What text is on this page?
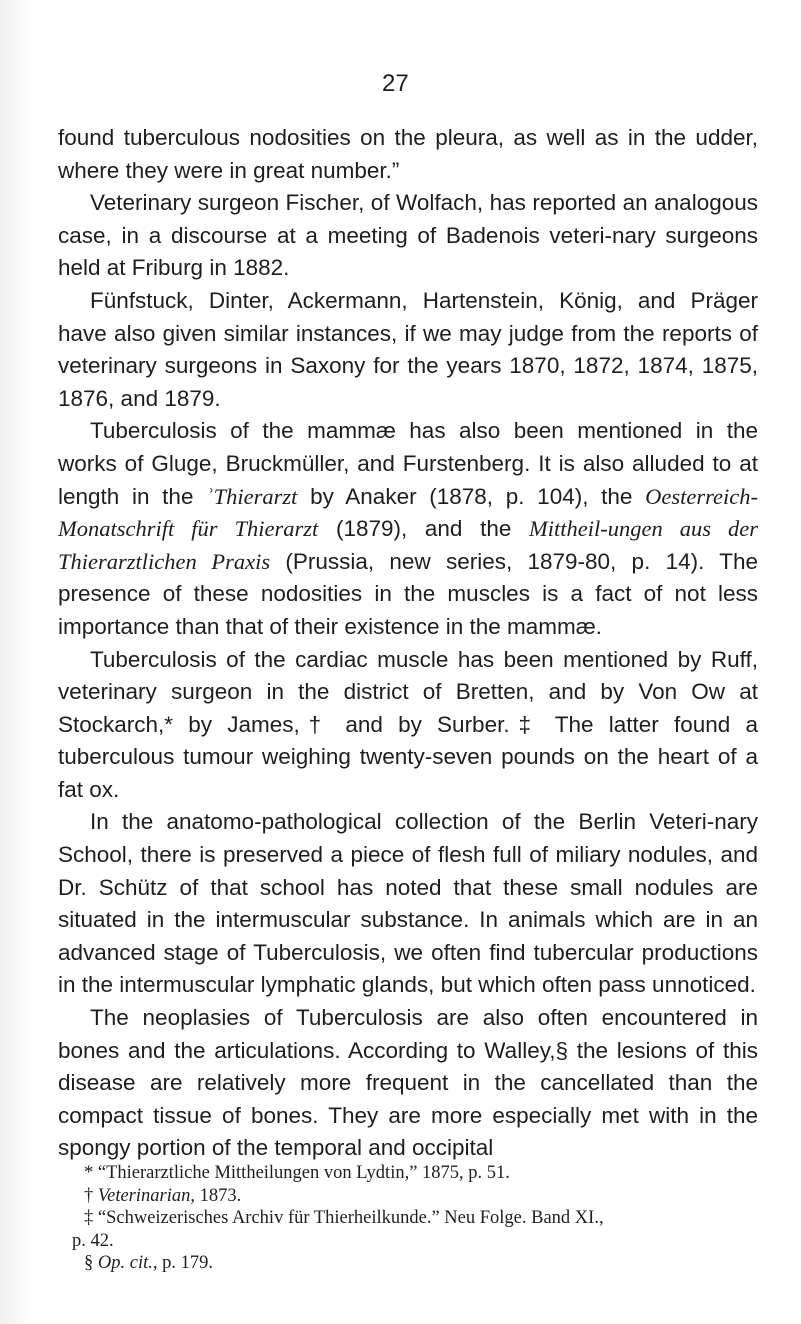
27

found tuberculous nodosities on the pleura, as well as in the udder, where they were in great number.”

Veterinary surgeon Fischer, of Wolfach, has reported an analogous case, in a discourse at a meeting of Badenois veteri-nary surgeons held at Friburg in 1882.

Fünfstuck, Dinter, Ackermann, Hartenstein, König, and Präger have also given similar instances, if we may judge from the reports of veterinary surgeons in Saxony for the years 1870, 1872, 1874, 1875, 1876, and 1879.

Tuberculosis of the mammæ has also been mentioned in the works of Gluge, Bruckmüller, and Furstenberg. It is also alluded to at length in the ʾThierarzt by Anaker (1878, p. 104), the Oesterreich-Monatschrift für Thierarzt (1879), and the Mittheil-ungen aus der Thierarztlichen Praxis (Prussia, new series, 1879-80, p. 14). The presence of these nodosities in the muscles is a fact of not less importance than that of their existence in the mammæ.

Tuberculosis of the cardiac muscle has been mentioned by Ruff, veterinary surgeon in the district of Bretten, and by Von Ow at Stockarch,* by James,† and by Surber.‡ The latter found a tuberculous tumour weighing twenty-seven pounds on the heart of a fat ox.

In the anatomo-pathological collection of the Berlin Veteri-nary School, there is preserved a piece of flesh full of miliary nodules, and Dr. Schütz of that school has noted that these small nodules are situated in the intermuscular substance. In animals which are in an advanced stage of Tuberculosis, we often find tubercular productions in the intermuscular lymphatic glands, but which often pass unnoticed.

The neoplasies of Tuberculosis are also often encountered in bones and the articulations. According to Walley,§ the lesions of this disease are relatively more frequent in the cancellated than the compact tissue of bones. They are more especially met with in the spongy portion of the temporal and occipital

* “Thierarztliche Mittheilungen von Lydtin,” 1875, p. 51.
† Veterinarian, 1873.
‡ “Schweizerisches Archiv für Thierheilkunde.” Neu Folge. Band XI.,
p. 42.
§ Op. cit., p. 179.
